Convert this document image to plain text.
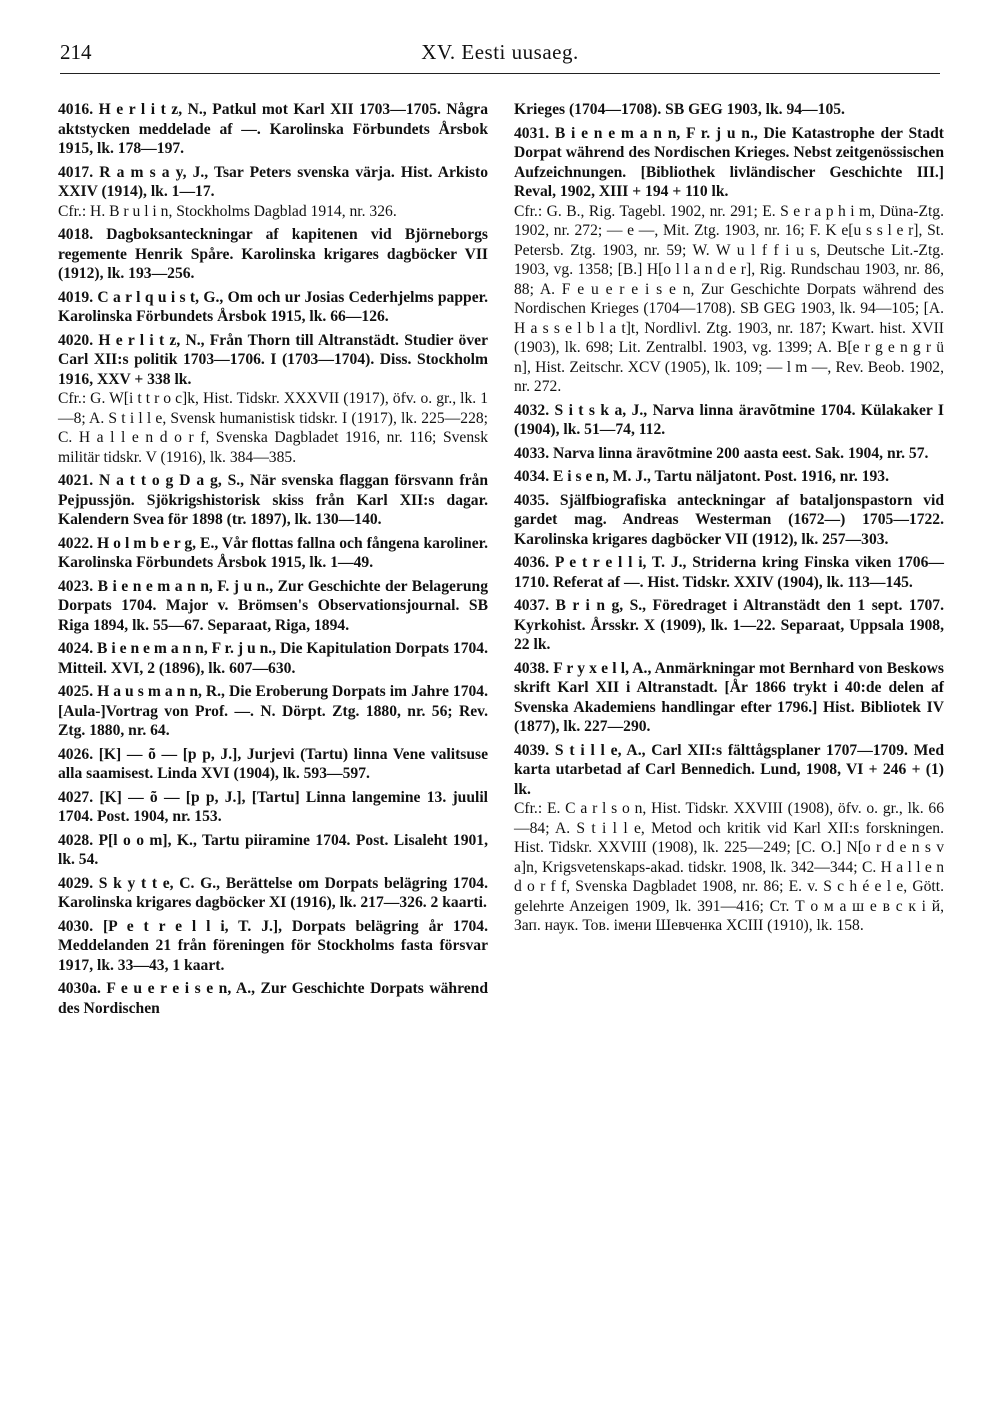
214	XV. Eesti uusaeg.

4016. H e r l i t z, N., Patkul mot Karl XII 1703—1705. Några aktstycken meddelade af —. Karolinska Förbundets Årsbok 1915, lk. 178—197.

4017. R a m s a y, J., Tsar Peters svenska värja. Hist. Arkisto XXIV (1914), lk. 1—17.
Cfr.: H. B r u l i n, Stockholms Dagblad 1914, nr. 326.

4018. Dagboksanteckningar af kapitenen vid Björneborgs regemente Henrik Spåre. Karolinska krigares dagböcker VII (1912), lk. 193—256.

4019. C a r l q u i s t, G., Om och ur Josias Cederhjelms papper. Karolinska Förbundets Årsbok 1915, lk. 66—126.

4020. H e r l i t z, N., Från Thorn till Altranstädt. Studier över Carl XII:s politik 1703—1706. I (1703—1704). Diss. Stockholm 1916, XXV + 338 lk.
Cfr.: G. W[i t t r o c]k, Hist. Tidskr. XXXVII (1917), öfv. o. gr., lk. 1—8; A. S t i l l e, Svensk humanistisk tidskr. I (1917), lk. 225—228; C. H a l l e n d o r f, Svenska Dagbladet 1916, nr. 116; Svensk militär tidskr. V (1916), lk. 384—385.

4021. N a t t o g D a g, S., När svenska flaggan försvann från Pejpussjön. Sjökrigshistorisk skiss från Karl XII:s dagar. Kalendern Svea för 1898 (tr. 1897), lk. 130—140.

4022. H o l m b e r g, E., Vår flottas fallna och fångena karoliner. Karolinska Förbundets Årsbok 1915, lk. 1—49.

4023. B i e n e m a n n, F. j u n., Zur Geschichte der Belagerung Dorpats 1704. Major v. Brömsen's Observationsjournal. SB Riga 1894, lk. 55—67. Separaat, Riga, 1894.

4024. B i e n e m a n n, F r. j u n., Die Kapitulation Dorpats 1704. Mitteil. XVI, 2 (1896), lk. 607—630.

4025. H a u s m a n n, R., Die Eroberung Dorpats im Jahre 1704. [Aula-]Vortrag von Prof. —. N. Dörpt. Ztg. 1880, nr. 56; Rev. Ztg. 1880, nr. 64.

4026. [K] — õ — [p p, J.], Jurjevi (Tartu) linna Vene valitsuse alla saamisest. Linda XVI (1904), lk. 593—597.

4027. [K] — õ — [p p, J.], [Tartu] Linna langemine 13. juulil 1704. Post. 1904, nr. 153.

4028. P[l o o m], K., Tartu piiramine 1704. Post. Lisaleht 1901, lk. 54.

4029. S k y t t e, C. G., Berättelse om Dorpats belägring 1704. Karolinska krigares dagböcker XI (1916), lk. 217—326. 2 kaarti.

4030. [P e t r e l l i, T. J.], Dorpats belägring år 1704. Meddelanden 21 från föreningen för Stockholms fasta försvar 1917, lk. 33—43, 1 kaart.

4030a. F e u e r e i s e n, A., Zur Geschichte Dorpats während des Nordischen

Krieges (1704—1708). SB GEG 1903, lk. 94—105.

4031. B i e n e m a n n, F r. j u n., Die Katastrophe der Stadt Dorpat während des Nordischen Krieges. Nebst zeitgenössischen Aufzeichnungen. [Bibliothek livländischer Geschichte III.] Reval, 1902, XIII + 194 + 110 lk.
Cfr.: G. B., Rig. Tagebl. 1902, nr. 291; E. S e r a p h i m, Düna-Ztg. 1902, nr. 272; — e —, Mit. Ztg. 1903, nr. 16; F. K e[u s s l e r], St. Petersb. Ztg. 1903, nr. 59; W. W u l f f i u s, Deutsche Lit.-Ztg. 1903, vg. 1358; [B.] H[o l l a n d e r], Rig. Rundschau 1903, nr. 86, 88; A. F e u e r e i s e n, Zur Geschichte Dorpats während des Nordischen Krieges (1704—1708). SB GEG 1903, lk. 94—105; [A. H a s s e l b l a t]t, Nordlivl. Ztg. 1903, nr. 187; Kwart. hist. XVII (1903), lk. 698; Lit. Zentralbl. 1903, vg. 1399; A. B[e r g e n g r ü n], Hist. Zeitschr. XCV (1905), lk. 109; — l m —, Rev. Beob. 1902, nr. 272.

4032. S i t s k a, J., Narva linna äravõtmine 1704. Külakaker I (1904), lk. 51—74, 112.

4033. Narva linna äravõtmine 200 aasta eest. Sak. 1904, nr. 57.

4034. E i s e n, M. J., Tartu näljatont. Post. 1916, nr. 193.

4035. Själfbiografiska anteckningar af bataljonspastorn vid gardet mag. Andreas Westerman (1672—) 1705—1722. Karolinska krigares dagböcker VII (1912), lk. 257—303.

4036. P e t r e l l i, T. J., Striderna kring Finska viken 1706—1710. Referat af —. Hist. Tidskr. XXIV (1904), lk. 113—145.

4037. B r i n g, S., Föredraget i Altranstädt den 1 sept. 1707. Kyrkohist. Årsskr. X (1909), lk. 1—22. Separaat, Uppsala 1908, 22 lk.

4038. F r y x e l l, A., Anmärkningar mot Bernhard von Beskows skrift Karl XII i Altranstadt. [År 1866 trykt i 40:de delen af Svenska Akademiens handlingar efter 1796.] Hist. Bibliotek IV (1877), lk. 227—290.

4039. S t i l l e, A., Carl XII:s fälttågsplaner 1707—1709. Med karta utarbetad af Carl Bennedich. Lund, 1908, VI + 246 + (1) lk.
Cfr.: E. C a r l s o n, Hist. Tidskr. XXVIII (1908), öfv. o. gr., lk. 66—84; A. S t i l l e, Metod och kritik vid Karl XII:s forskningen. Hist. Tidskr. XXVIII (1908), lk. 225—249; [C. O.] N[o r d e n s v a]n, Krigsvetenskaps-akad. tidskr. 1908, lk. 342—344; C. H a l l e n d o r f f, Svenska Dagbladet 1908, nr. 86; E. v. S c h é e l e, Gött. gelehrte Anzeigen 1909, lk. 391—416; Ст. Т о м а ш е в с к і й, Зап. наук. Тов. імени Шевченка XCIII (1910), lk. 158.
